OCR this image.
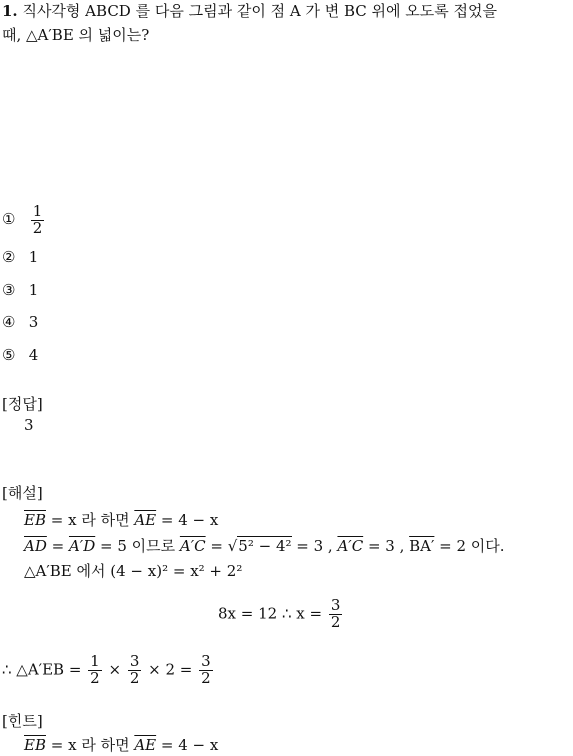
1. 직사각형 ABCD 를 다음 그림과 같이 점 A 가 변 BC 위에 오도록 접었을
때, △A′BE 의 넓이는?
① $\frac{1}{2}$
② 1
③ 1
④ 3
⑤ 4
[정답]
3
[해설]
$\overline{EB} = x$ 라 하면 $\overline{AE} = 4 - x$
$\overline{AD} = A'D = 5$ 이므로 A′C = √5² − 4² = 3 , A′C = 3 , BA′ = 2 이다.
△A′BE 에서 (4 − x)² = x² + 2²
8x = 12 ∴ $x = \frac{3}{2}$
∴ △A′EB = $\frac{1}{2} \times \frac{3}{2} \times 2 = \frac{3}{2}$
[힌트]
$\overline{EB} = x$ 라 하면 $\overline{AE} = 4 - x$
